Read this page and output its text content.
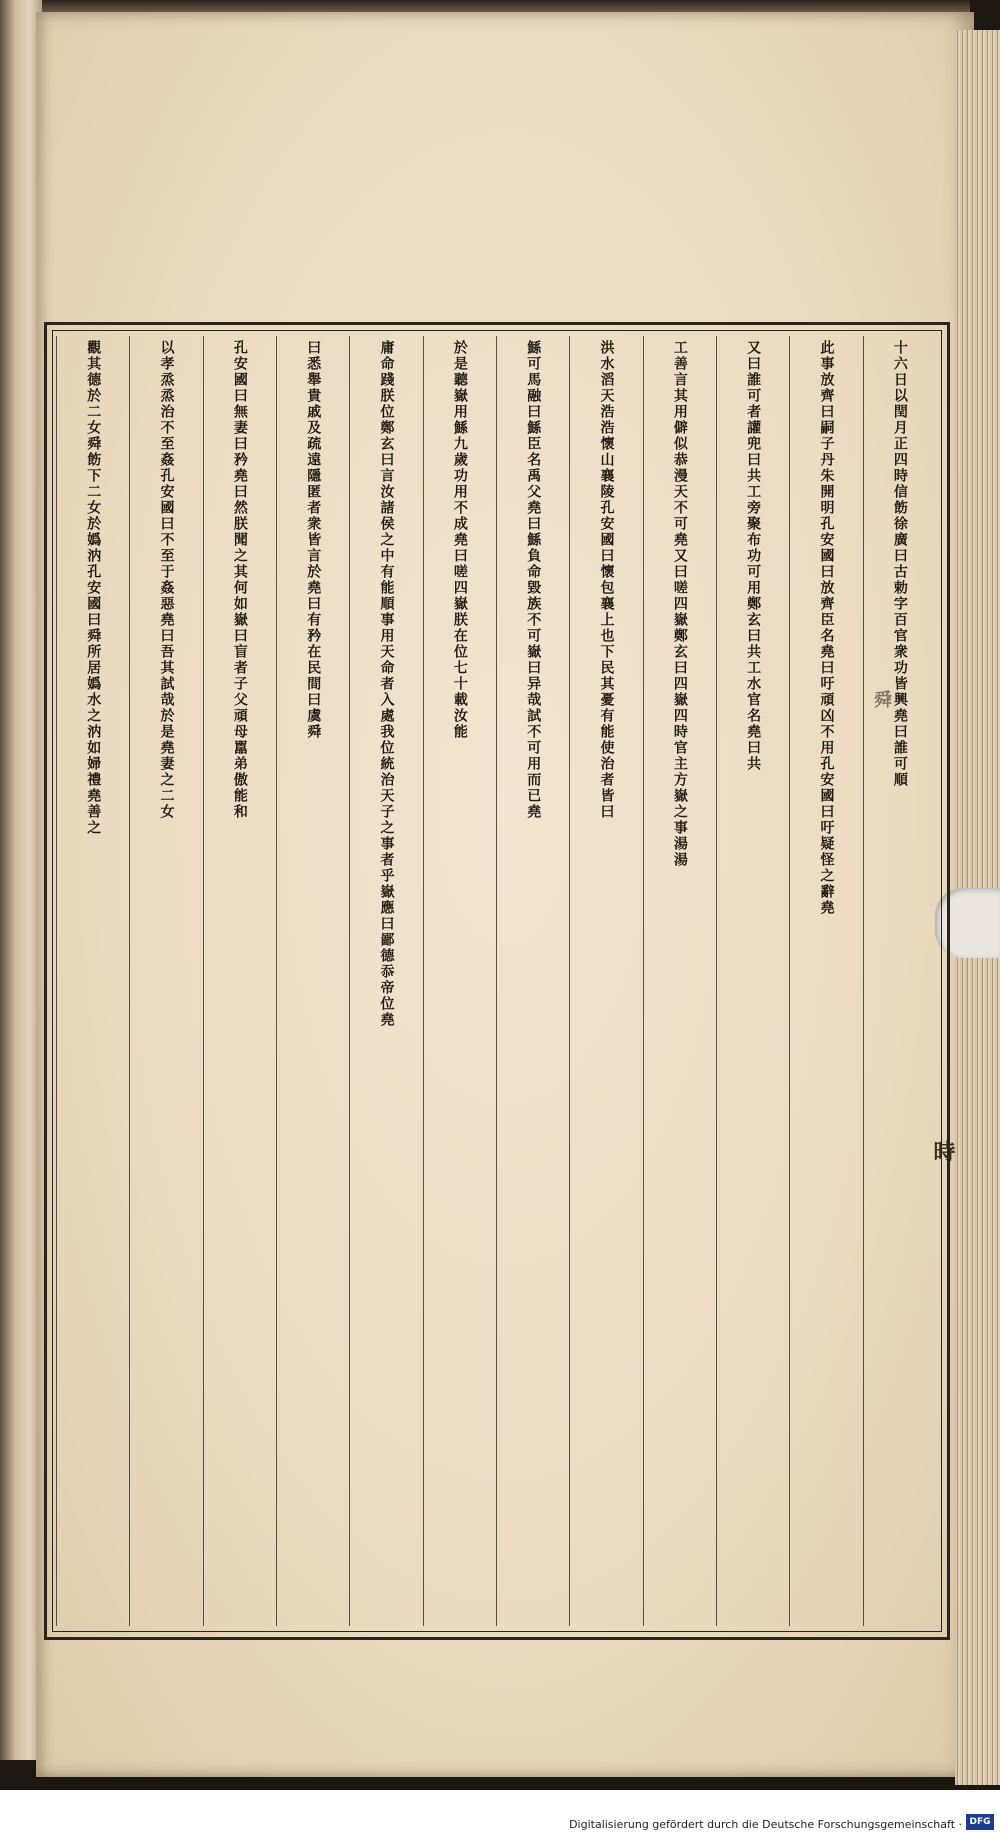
時
舜 十六日以閏月正四時信飭徐廣曰古勅字百官衆功皆興堯曰誰可順
此事放齊曰嗣子丹朱開明孔安國曰放齊臣名堯曰吁頑凶不用孔安國曰吁疑怪之辭堯
又曰誰可者讙兜曰共工旁聚布功可用鄭玄曰共工水官名堯曰共
工善言其用僻似恭漫天不可堯又曰嗟四嶽鄭玄曰四嶽四時官主方嶽之事湯湯
洪水滔天浩浩懷山襄陵孔安國曰懷包襄上也下民其憂有能使治者皆曰
鯀可馬融曰鯀臣名禹父堯曰鯀負命毀族不可嶽曰异哉試不可用而已堯
於是聽嶽用鯀九歲功用不成堯曰嗟四嶽朕在位七十載汝能
庸命踐朕位鄭玄曰言汝諸侯之中有能順事用天命者入處我位統治天子之事者乎嶽應曰鄙德忝帝位堯
曰悉舉貴戚及疏遠隱匿者衆皆言於堯曰有矜在民間曰虞舜
孔安國曰無妻曰矜堯曰然朕聞之其何如嶽曰盲者子父頑母嚚弟傲能和
以孝烝烝治不至姦孔安國曰不至于姦惡堯曰吾其試哉於是堯妻之二女
觀其德於二女舜飭下二女於嬀汭孔安國曰舜所居嬀水之汭如婦禮堯善之
Digitalisierung gefördert durch die Deutsche Forschungsgemeinschaft · DFG
